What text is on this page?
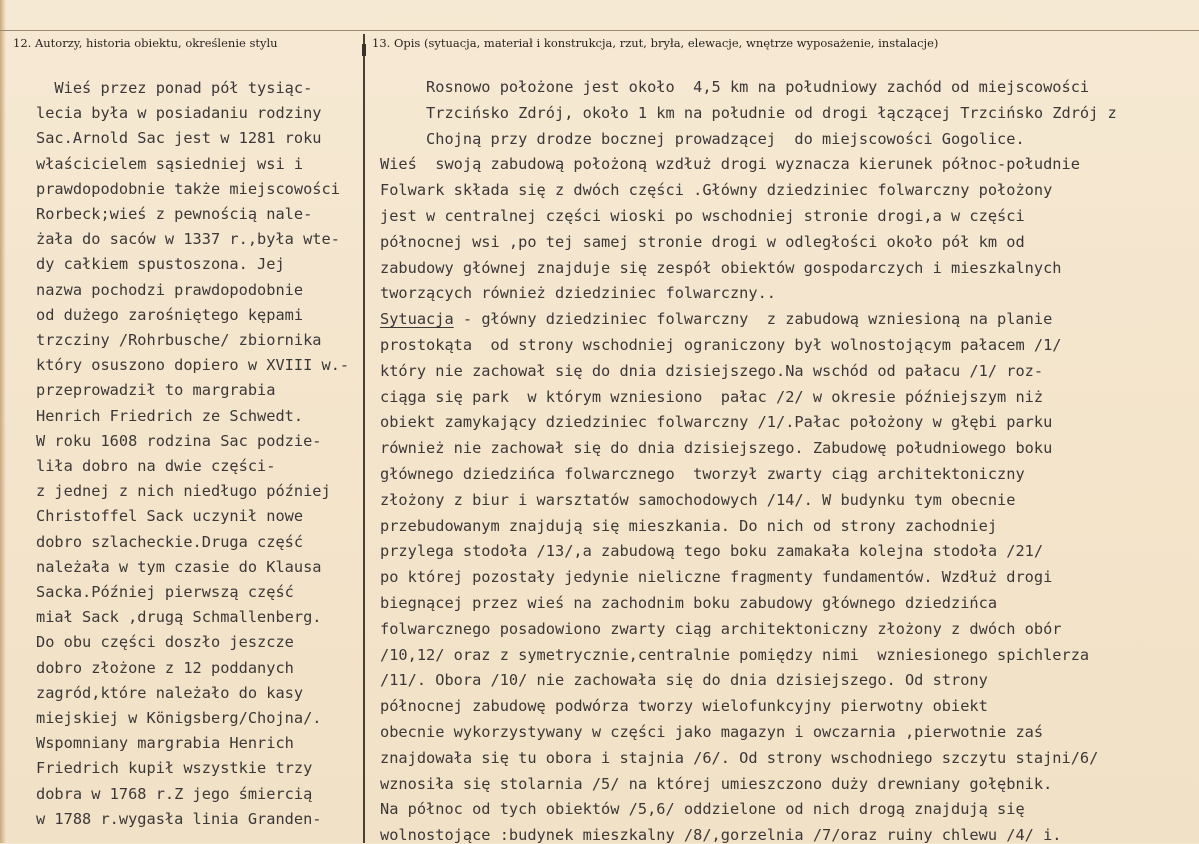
12. Autorzy, historia obiektu, określenie stylu	13. Opis (sytuacja, materiał i konstrukcja, rzut, bryła, elewacje, wnętrze wyposażenie, instalacje)
Wieś przez ponad pół tysiąc-
lecia była w posiadaniu rodziny
Sac.Arnold Sac jest w 1281 roku
właścicielem sąsiedniej wsi i
prawdopodobnie także miejscowości
Rorbeck;wieś z pewnością nale-
żała do saców w 1337 r.,była wte-
dy całkiem spustoszona. Jej
nazwa pochodzi prawdopodobnie
od dużego zarośniętego kępami
trzcziny /Rohrbusche/ zbiornika
który osuszono dopiero w XVIII w.-
przeprowadził to margrabia
Henrich Friedrich ze Schwedt.
W roku 1608 rodzina Sac podzie-
liła dobro na dwie części-
z jednej z nich niedługo później
Christoffel Sack uczynił nowe
dobro szlacheckie.Druga część
należała w tym czasie do Klausa
Sacka.Później pierwszą część
miał Sack ,drugą Schmallenberg.
Do obu części doszło jeszcze
dobro złożone z 12 poddanych
zagród,które należało do kasy
miejskiej w Königsberg/Chojna/.
Wspomniany margrabia Henrich
Friedrich kupił wszystkie trzy
dobra w 1768 r.Z jego śmiercią
w 1788 r.wygasła linia Granden-
Rosnowo położone jest około  4,5 km na południowy zachód od miejscowości
Trzcińsko Zdrój, około 1 km na południe od drogi łączącej Trzcińsko Zdrój z
Chojną przy drodze bocznej prowadzącej  do miejscowości Gogolice.
Wieś  swoją zabudową położoną wzdłuż drogi wyznacza kierunek północ-południe
Folwark składa się z dwóch części .Główny dziedziniec folwarczny położony
jest w centralnej części wioski po wschodniej stronie drogi,a w części
północnej wsi ,po tej samej stronie drogi w odległości około pół km od
zabudowy głównej znajduje się zespół obiektów gospodarczych i mieszkalnych
tworzących również dziedziniec folwarczny..
Sytuacja - główny dziedziniec folwarczny  z zabudową wzniesioną na planie
prostokąta  od strony wschodniej ograniczony był wolnostojącym pałacem /1/
który nie zachował się do dnia dzisiejszego.Na wschód od pałacu /1/ roz-
ciąga się park  w którym wzniesiono  pałac /2/ w okresie późniejszym niż
obiekt zamykający dziedziniec folwarczny /1/.Pałac położony w głębi parku
również nie zachował się do dnia dzisiejszego. Zabudowę południowego boku
głównego dziedzińca folwarcznego  tworzył zwarty ciąg architektoniczny
złożony z biur i warsztatów samochodowych /14/. W budynku tym obecnie
przebudowanym znajdują się mieszkania. Do nich od strony zachodniej
przylega stodoła /13/,a zabudową tego boku zamakała kolejna stodoła /21/
po której pozostały jedynie nieliczne fragmenty fundamentów. Wzdłuż drogi
biegnącej przez wieś na zachodnim boku zabudowy głównego dziedzińca
folwarcznego posadowiono zwarty ciąg architektoniczny złożony z dwóch obór
/10,12/ oraz z symetrycznie,centralnie pomiędzy nimi  wzniesionego spichlerza
/11/. Obora /10/ nie zachowała się do dnia dzisiejszego. Od strony
północnej zabudowę podwórza tworzy wielofunkcyjny pierwotny obiekt
obecnie wykorzystywany w części jako magazyn i owczarnia ,pierwotnie zaś
znajdowała się tu obora i stajnia /6/. Od strony wschodniego szczytu stajni/6/
wznosiła się stolarnia /5/ na której umieszczono duży drewniany gołębnik.
Na północ od tych obiektów /5,6/ oddzielone od nich drogą znajdują się
wolnostojące :budynek mieszkalny /8/,gorzelnia /7/oraz ruiny chlewu /4/ i.
